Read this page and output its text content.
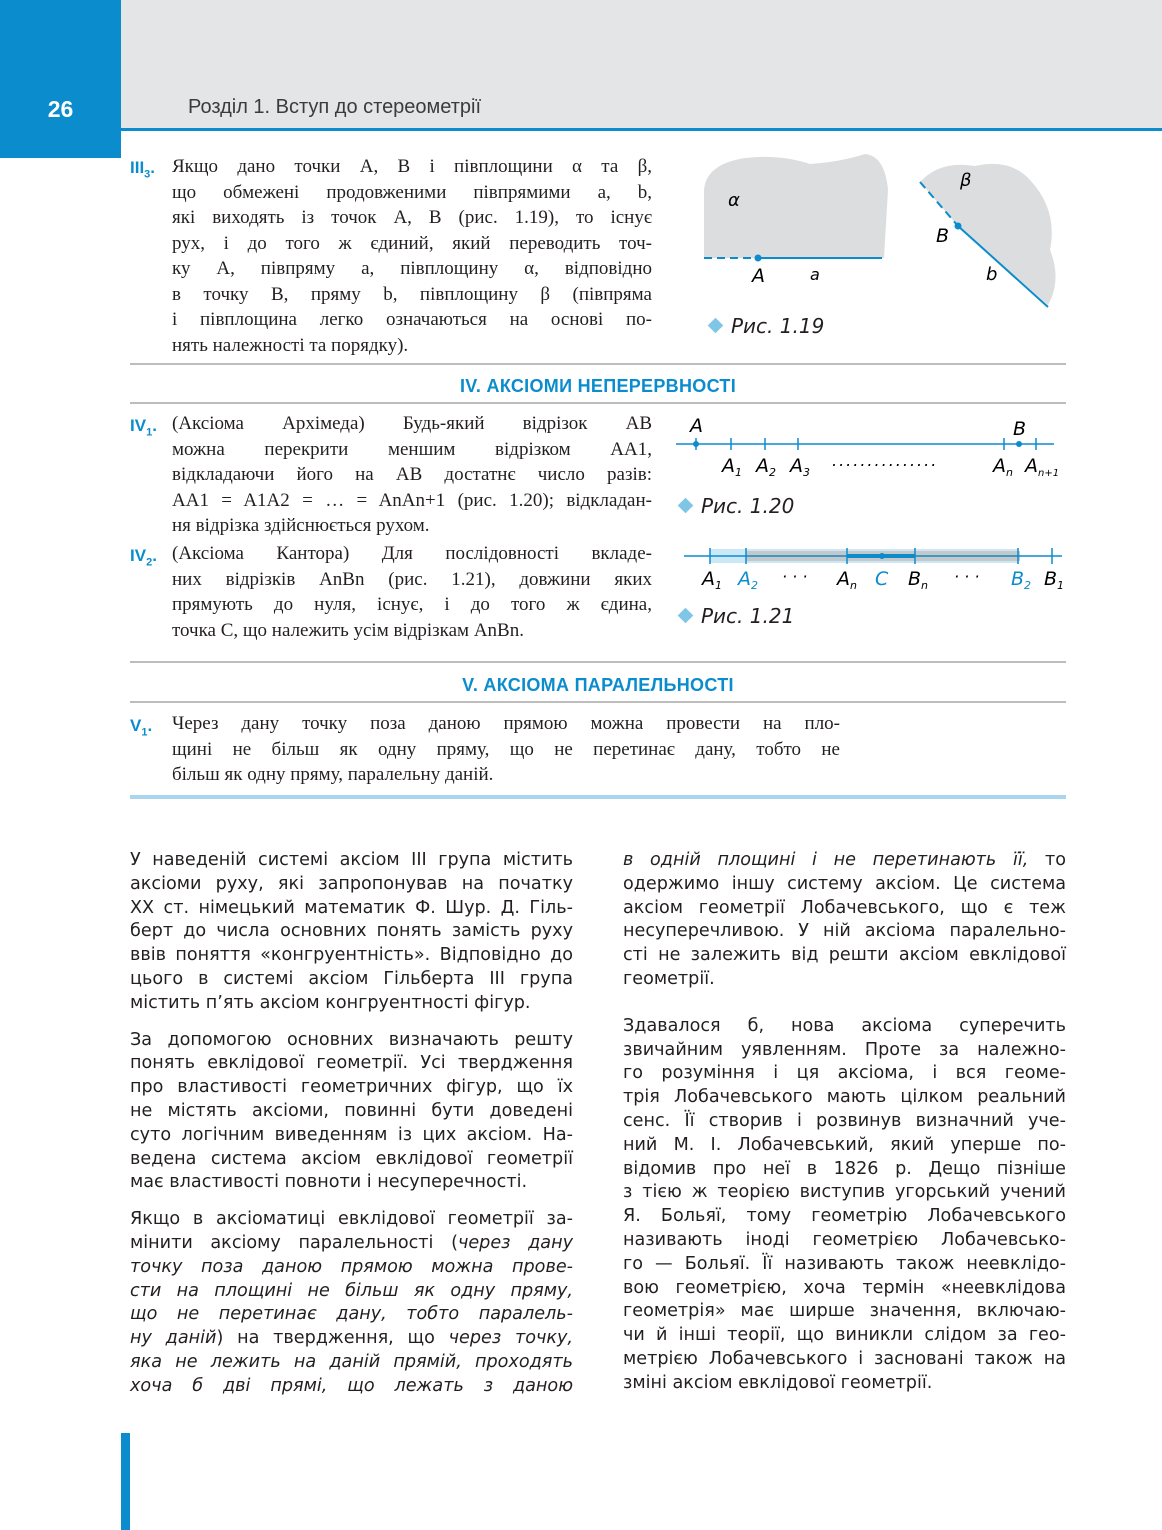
26	Розділ 1. Вступ до стереометрії
$III_3$. Якщо дано точки A, B і півплощини α та β,
що обмежені продовженими півпрямими a, b,
які виходять із точок A, B (рис. 1.19), то існує
рух, і до того ж єдиний, який переводить точ-
ку A, півпряму a, півплощину α, відповідно
в точку B, пряму b, півплощину β (півпряма
і півплощина легко означаються на основі по-
нять належності та порядку).
α
A	a
β
B
b
Рис. 1.19
IV. АКСІОМИ НЕПЕРЕРВНОСТІ
$IV_1$. (Аксіома Архімеда) Будь-який відрізок AB
можна перекрити меншим відрізком AA1,
відкладаючи його на AB достатнє число разів:
AA1 = A1A2 = … = AnAn+1 (рис. 1.20); відкладан-
ня відрізка здійснюється рухом.
$IV_2$. (Аксіома Кантора) Для послідовності вкладе-
них відрізків AnBn (рис. 1.21), довжини яких
прямують до нуля, існує, і до того ж єдина,
точка C, що належить усім відрізкам AnBn.
A	B
$A_1$ $A_2$ $A_3$
...............	$A_n$ $A_{n+1}$
Рис. 1.20
$A_1$ $A_2$ · · · $A_n$ C $B_n$ · · · $B_2$ $B_1$
Рис. 1.21
V. АКСІОМА ПАРАЛЕЛЬНОСТІ
$V_1$. Через дану точку поза даною прямою можна провести на пло-
щині не більш як одну пряму, що не перетинає дану, тобто не
більш як одну пряму, паралельну даній.

У наведеній системі аксіом III група містить
аксіоми руху, які запропонував на початку
XX ст. німецький математик Ф. Шур. Д. Гіль-
берт до числа основних понять замість руху
ввів поняття «конгруентність». Відповідно до
цього в системі аксіом Гільберта III група
містить п’ять аксіом конгруентності фігур.

За допомогою основних визначають решту
понять евклідової геометрії. Усі твердження
про властивості геометричних фігур, що їх
не містять аксіоми, повинні бути доведені
суто логічним виведенням із цих аксіом. На-
ведена система аксіом евклідової геометрії
має властивості повноти і несуперечності.

Якщо в аксіоматиці евклідової геометрії за-
мінити аксіому паралельності (через дану
точку поза даною прямою можна прове-
сти на площині не більш як одну пряму,
що не перетинає дану, тобто паралель-
ну даній) на твердження, що через точку,
яка не лежить на даній прямій, проходять
хоча б дві прямі, що лежать з даною

в одній площині і не перетинають її, то
одержимо іншу систему аксіом. Це система
аксіом геометрії Лобачевського, що є теж
несуперечливою. У ній аксіома паралельно-
сті не залежить від решти аксіом евклідової
геометрії.

Здавалося б, нова аксіома суперечить
звичайним уявленням. Проте за належно-
го розуміння і ця аксіома, і вся геоме-
трія Лобачевського мають цілком реальний
сенс. Її створив і розвинув визначний уче-
ний М. І. Лобачевський, який уперше по-
відомив про неї в 1826 р. Дещо пізніше
з тією ж теорією виступив угорський учений
Я. Больяї, тому геометрію Лобачевського
називають іноді геометрією Лобачевсько-
го — Больяї. Її називають також неевклідо-
вою геометрією, хоча термін «неевклідова
геометрія» має ширше значення, включаю-
чи й інші теорії, що виникли слідом за гео-
метрією Лобачевського і засновані також на
зміні аксіом евклідової геометрії.
